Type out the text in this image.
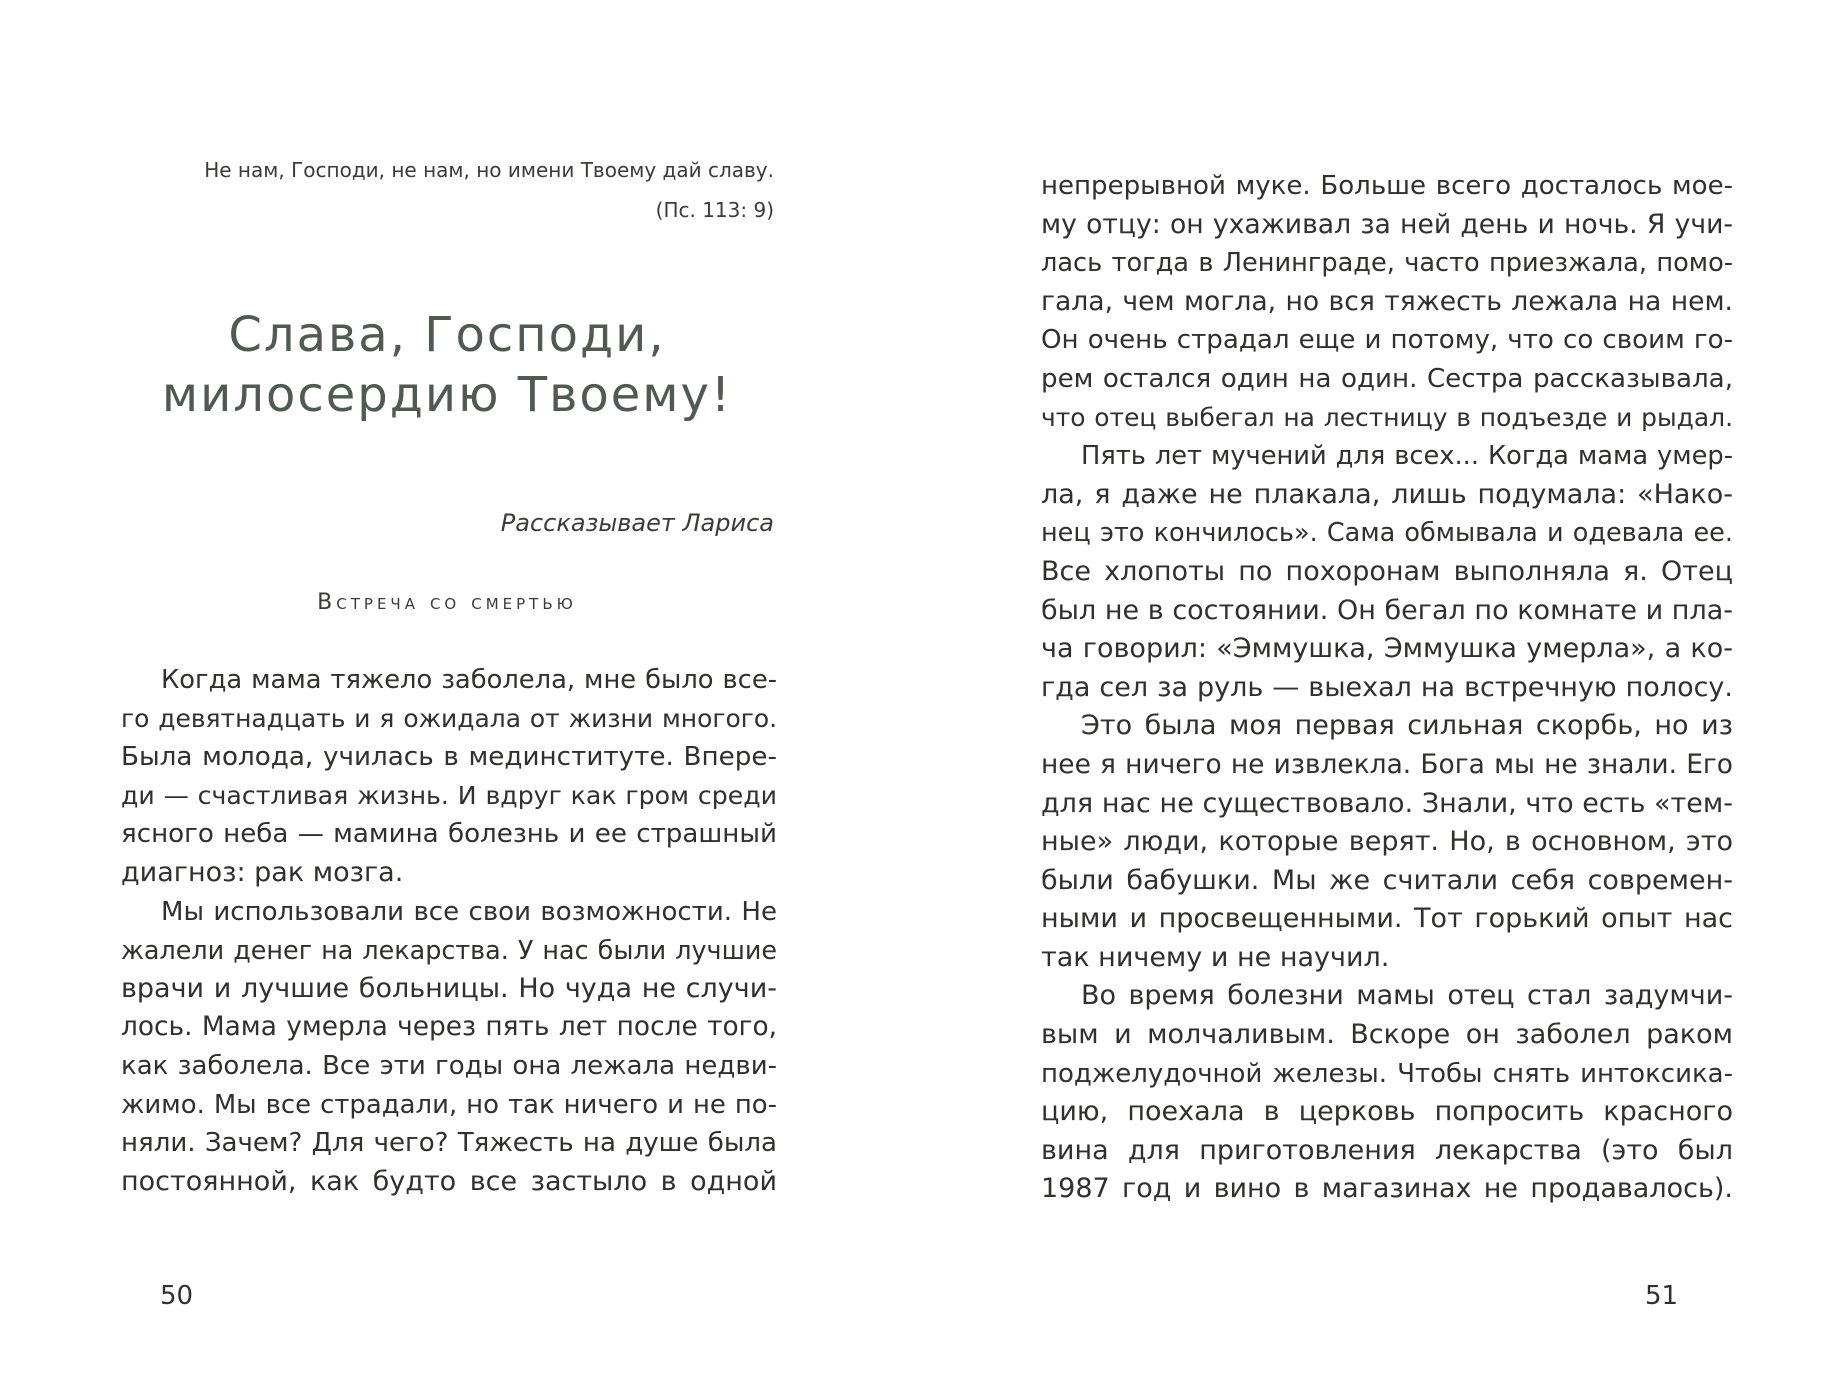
Не нам, Господи, не нам, но имени Твоему дай славу.
(Пс. 113: 9)
Слава, Господи,
милосердию Твоему!
Рассказывает Лариса
Встреча со смертью
Когда мама тяжело заболела, мне было все-
го девятнадцать и я ожидала от жизни многого.
Была молода, училась в мединституте. Впере-
ди — счастливая жизнь. И вдруг как гром среди
ясного неба — мамина болезнь и ее страшный
диагноз: рак мозга.
Мы использовали все свои возможности. Не
жалели денег на лекарства. У нас были лучшие
врачи и лучшие больницы. Но чуда не случи-
лось. Мама умерла через пять лет после того,
как заболела. Все эти годы она лежала недви-
жимо. Мы все страдали, но так ничего и не по-
няли. Зачем? Для чего? Тяжесть на душе была
постоянной, как будто все застыло в одной
50
непрерывной муке. Больше всего досталось мое-
му отцу: он ухаживал за ней день и ночь. Я учи-
лась тогда в Ленинграде, часто приезжала, помо-
гала, чем могла, но вся тяжесть лежала на нем.
Он очень страдал еще и потому, что со своим го-
рем остался один на один. Сестра рассказывала,
что отец выбегал на лестницу в подъезде и рыдал.
Пять лет мучений для всех... Когда мама умер-
ла, я даже не плакала, лишь подумала: «Нако-
нец это кончилось». Сама обмывала и одевала ее.
Все хлопоты по похоронам выполняла я. Отец
был не в состоянии. Он бегал по комнате и пла-
ча говорил: «Эммушка, Эммушка умерла», а ко-
гда сел за руль — выехал на встречную полосу.
Это была моя первая сильная скорбь, но из
нее я ничего не извлекла. Бога мы не знали. Его
для нас не существовало. Знали, что есть «тем-
ные» люди, которые верят. Но, в основном, это
были бабушки. Мы же считали себя современ-
ными и просвещенными. Тот горький опыт нас
так ничему и не научил.
Во время болезни мамы отец стал задумчи-
вым и молчаливым. Вскоре он заболел раком
поджелудочной железы. Чтобы снять интоксика-
цию, поехала в церковь попросить красного
вина для приготовления лекарства (это был
1987 год и вино в магазинах не продавалось).
51
